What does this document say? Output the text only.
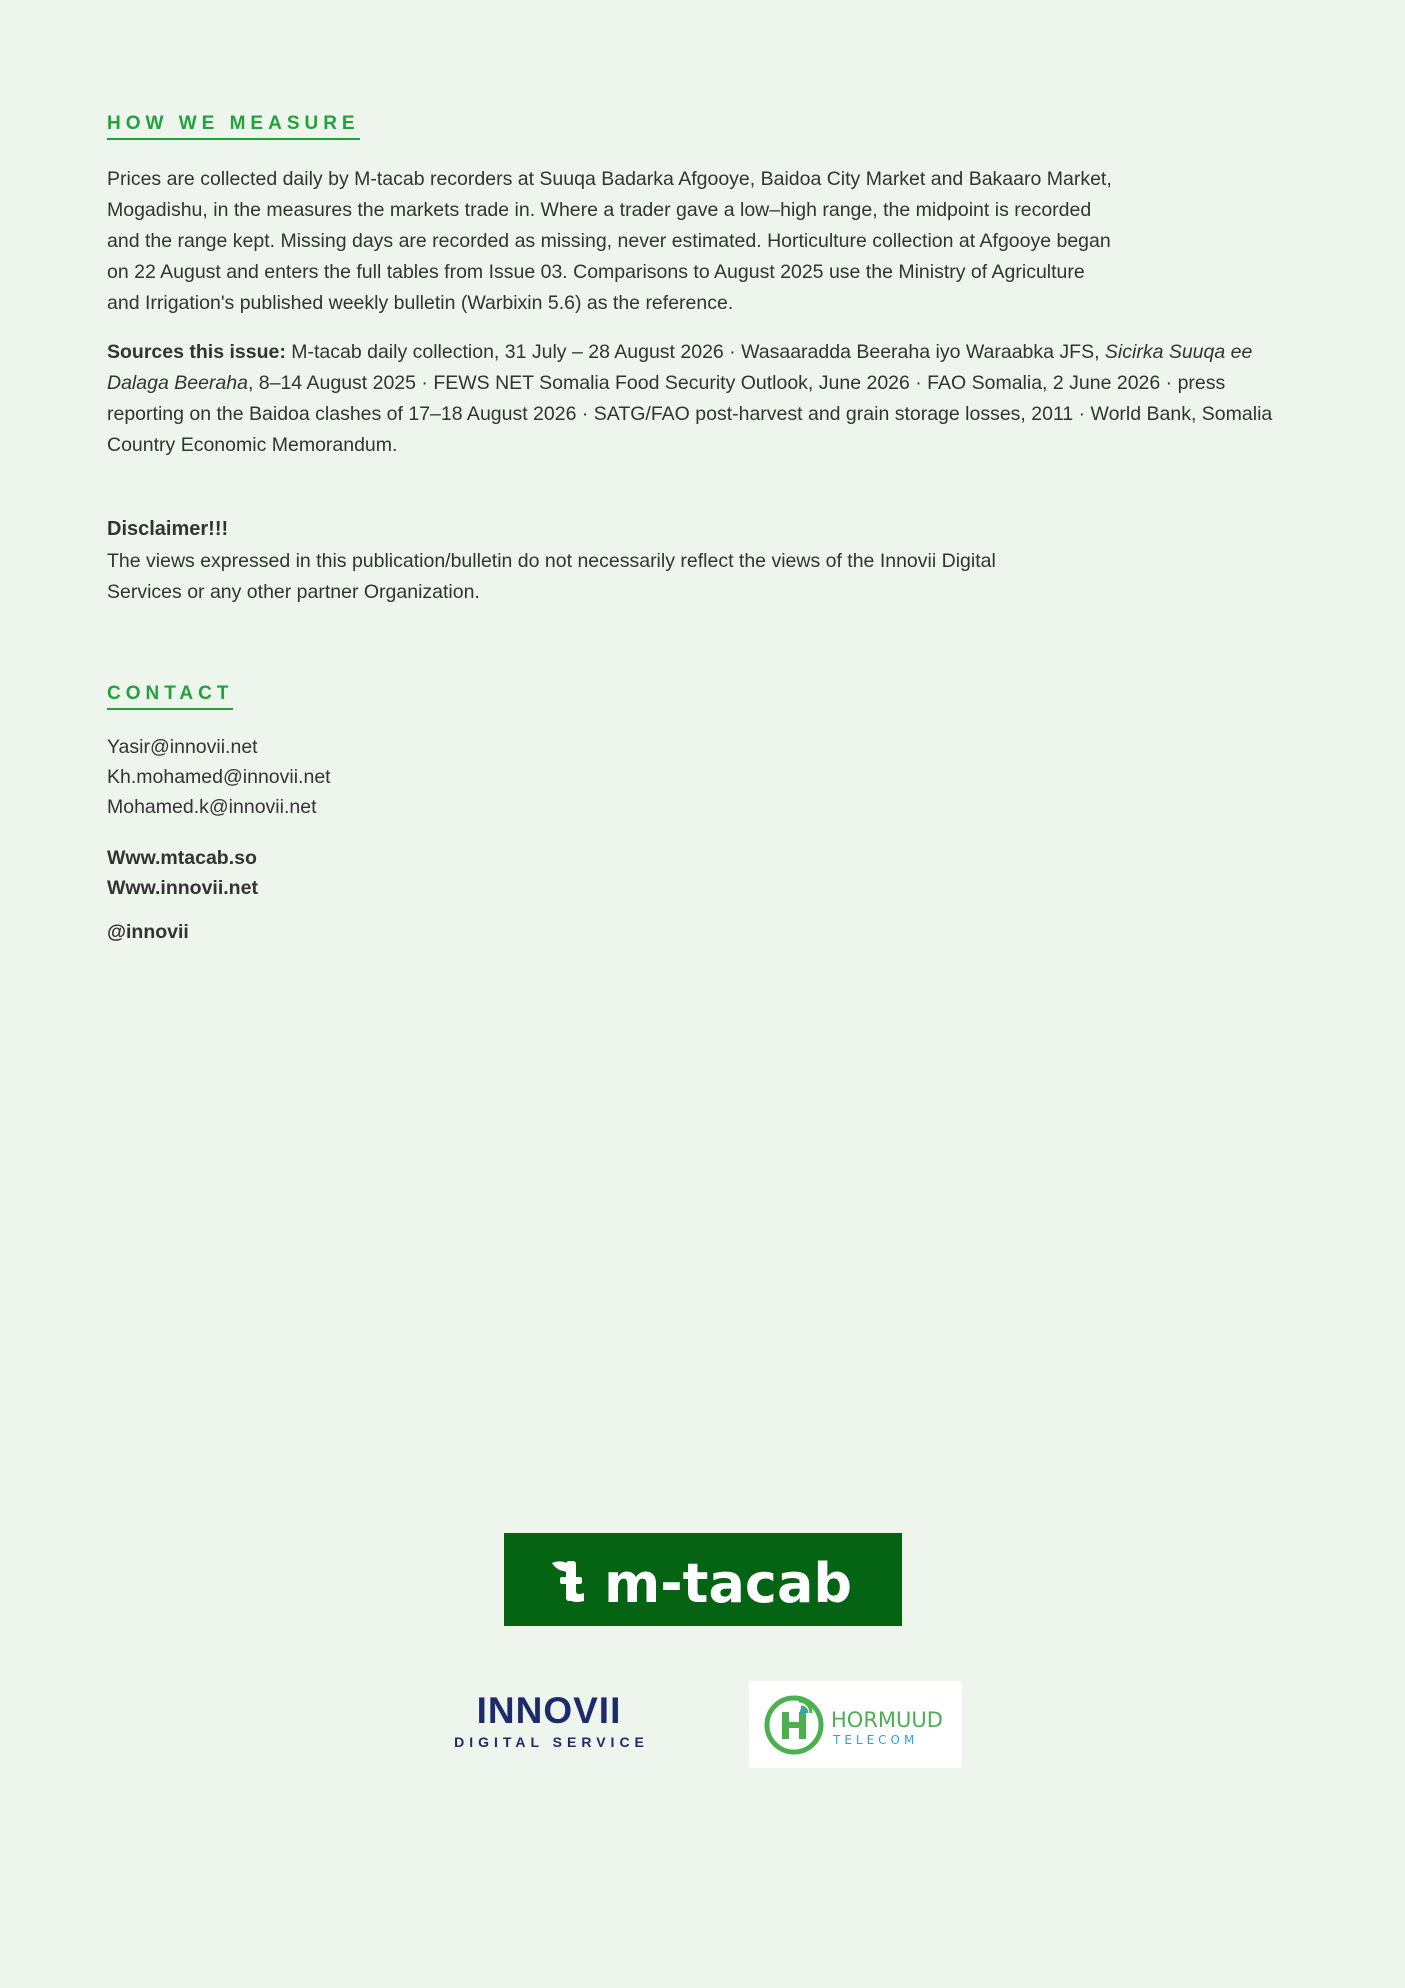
HOW WE MEASURE

Prices are collected daily by M-tacab recorders at Suuqa Badarka Afgooye, Baidoa City Market and Bakaaro Market, Mogadishu, in the measures the markets trade in. Where a trader gave a low–high range, the midpoint is recorded and the range kept. Missing days are recorded as missing, never estimated. Horticulture collection at Afgooye began on 22 August and enters the full tables from Issue 03. Comparisons to August 2025 use the Ministry of Agriculture and Irrigation's published weekly bulletin (Warbixin 5.6) as the reference.

Sources this issue: M-tacab daily collection, 31 July – 28 August 2026 · Wasaaradda Beeraha iyo Waraabka JFS, Sicirka Suuqa ee Dalaga Beeraha, 8–14 August 2025 · FEWS NET Somalia Food Security Outlook, June 2026 · FAO Somalia, 2 June 2026 · press reporting on the Baidoa clashes of 17–18 August 2026 · SATG/FAO post-harvest and grain storage losses, 2011 · World Bank, Somalia Country Economic Memorandum.

Disclaimer!!!

The views expressed in this publication/bulletin do not necessarily reflect the views of the Innovii Digital Services or any other partner Organization.

CONTACT
Yasir@innovii.net
Kh.mohamed@innovii.net
Mohamed.k@innovii.net
Www.mtacab.so
Www.innovii.net
@innovii
m-tacab
INNOVII
DIGITAL SERVICE
HORMUUD
TELECOM
